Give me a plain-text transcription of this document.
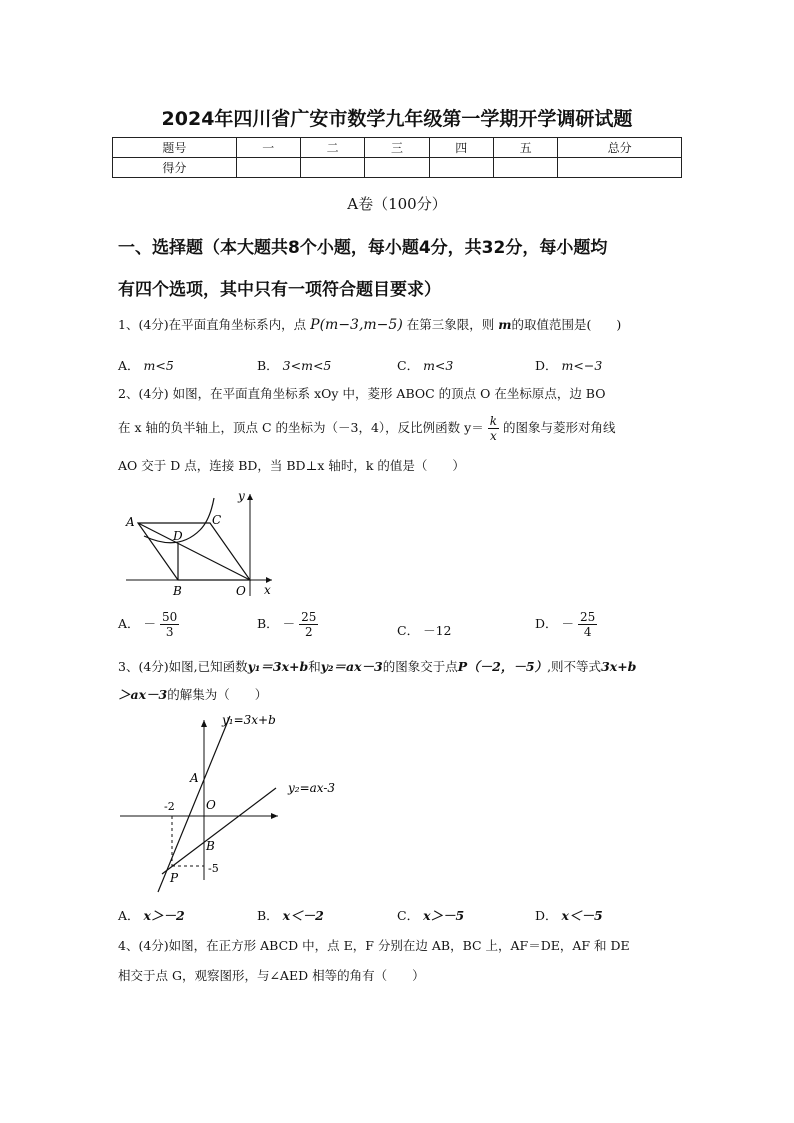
2024年四川省广安市数学九年级第一学期开学调研试题
题号	一	二	三	四	五	总分
得分						
A卷（100分）
一、选择题（本大题共8个小题，每小题4分，共32分，每小题均
有四个选项，其中只有一项符合题目要求）
1、(4分)在平面直角坐标系内，点 P(m−3,m−5) 在第三象限，则 m的取值范围是(　　)
A． m<5	B． 3<m<5	C． m<3	D． m<−3
2、(4分) 如图，在平面直角坐标系 xOy 中，菱形 ABOC 的顶点 O 在坐标原点，边 BO
在 x 轴的负半轴上，顶点 C 的坐标为（－3，4），反比例函数 $y= \frac{k}{x}$ 的图象与菱形对角线
AO 交于 D 点，连接 BD，当 BD⊥x 轴时，k 的值是（　　）
A
D
C
B	O x
y
A． － $\frac{50}{3}$	B． － $\frac{25}{2}$	C． －12	D． － $\frac{25}{4}$
3、(4分)如图,已知函数y₁＝3x+b和y₂＝ax－3的图象交于点P（－2，－5）,则不等式3x+b
＞ax－3的解集为（　　）
y₁=3x+b
y₂=ax-3
A
O
B
P
-2
-5
A． x＞－2	B． x＜－2	C． x＞－5	D． x＜－5
4、(4分)如图，在正方形 ABCD 中，点 E，F 分别在边 AB，BC 上，AF＝DE，AF 和 DE
相交于点 G，观察图形，与∠AED 相等的角有（　　）
